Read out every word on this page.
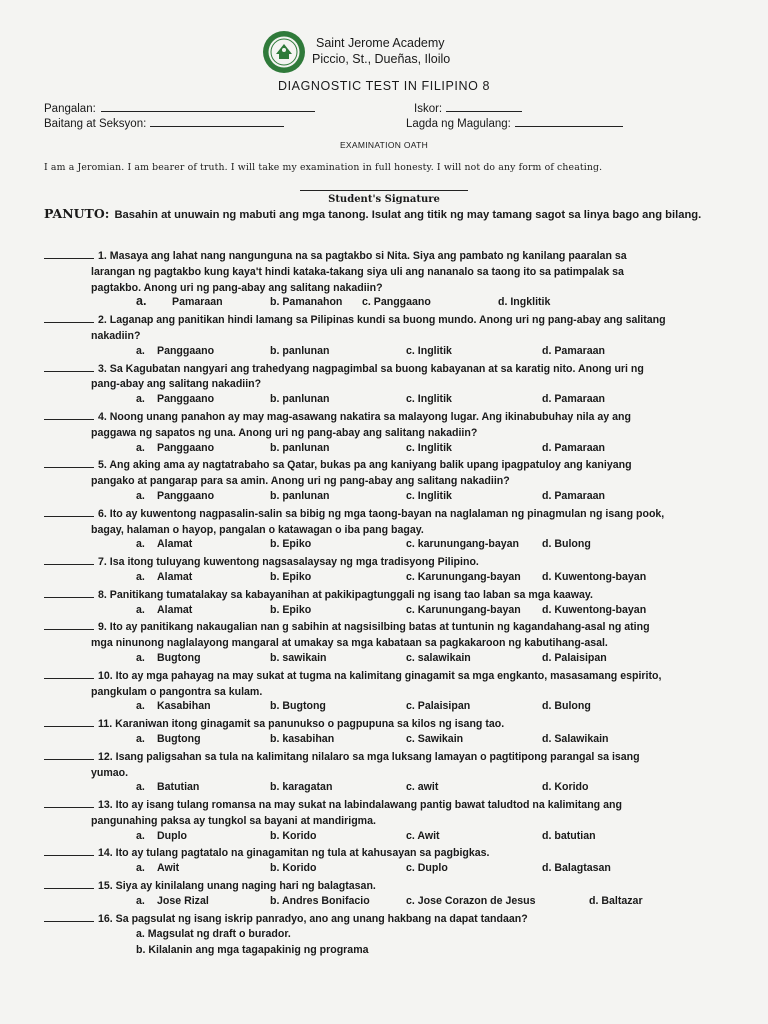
Saint Jerome Academy
Piccio, St., Dueñas, Iloilo
DIAGNOSTIC TEST IN FILIPINO 8
Pangalan:	Iskor:
Baitang at Seksyon:	Lagda ng Magulang:
EXAMINATION OATH
I am a Jeromian. I am bearer of truth. I will take my examination in full honesty. I will not do any form of cheating.
Student's Signature
PANUTO: Basahin at unuwain ng mabuti ang mga tanong. Isulat ang titik ng may tamang sagot sa linya bago ang bilang.
1. Masaya ang lahat nang nangunguna na sa pagtakbo si Nita. Siya ang pambato ng kanilang paaralan sa
larangan ng pagtakbo kung kaya't hindi kataka-takang siya uli ang nananalo sa taong ito sa patimpalak sa
pagtakbo. Anong uri ng pang-abay ang salitang nakadiin?
a. Pamaraan	b. Pamanahon c. Panggaano	d. Ingklitik
2. Laganap ang panitikan hindi lamang sa Pilipinas kundi sa buong mundo. Anong uri ng pang-abay ang salitang
nakadiin?
a. Panggaano	b. panlunan	c. Inglitik	d. Pamaraan
3. Sa Kagubatan nangyari ang trahedyang nagpagimbal sa buong kabayanan at sa karatig nito. Anong uri ng
pang-abay ang salitang nakadiin?
a. Panggaano	b. panlunan	c. Inglitik	d. Pamaraan
4. Noong unang panahon ay may mag-asawang nakatira sa malayong lugar. Ang ikinabubuhay nila ay ang
paggawa ng sapatos ng una. Anong uri ng pang-abay ang salitang nakadiin?
a. Panggaano	b. panlunan	c. Inglitik	d. Pamaraan
5. Ang aking ama ay nagtatrabaho sa Qatar, bukas pa ang kaniyang balik upang ipagpatuloy ang kaniyang
pangako at pangarap para sa amin. Anong uri ng pang-abay ang salitang nakadiin?
a. Panggaano	b. panlunan	c. Inglitik	d. Pamaraan
6. Ito ay kuwentong nagpasalin-salin sa bibig ng mga taong-bayan na naglalaman ng pinagmulan ng isang pook,
bagay, halaman o hayop, pangalan o katawagan o iba pang bagay.
a. Alamat	b. Epiko	c. karunungang-bayan d. Bulong
7. Isa itong tuluyang kuwentong nagsasalaysay ng mga tradisyong Pilipino.
a. Alamat	b. Epiko	c. Karunungang-bayan d. Kuwentong-bayan
8. Panitikang tumatalakay sa kabayanihan at pakikipagtunggali ng isang tao laban sa mga kaaway.
a. Alamat	b. Epiko	c. Karunungang-bayan d. Kuwentong-bayan
9. Ito ay panitikang nakaugalian nan g sabihin at nagsisilbing batas at tuntunin ng kagandahang-asal ng ating
mga ninunong naglalayong mangaral at umakay sa mga kabataan sa pagkakaroon ng kabutihang-asal.
a. Bugtong	b. sawikain	c. salawikain	d. Palaisipan
10. Ito ay mga pahayag na may sukat at tugma na kalimitang ginagamit sa mga engkanto, masasamang espirito,
pangkulam o pangontra sa kulam.
a. Kasabihan	b. Bugtong	c. Palaisipan	d. Bulong
11. Karaniwan itong ginagamit sa panunukso o pagpupuna sa kilos ng isang tao.
a. Bugtong	b. kasabihan	c. Sawikain	d. Salawikain
12. Isang paligsahan sa tula na kalimitang nilalaro sa mga luksang lamayan o pagtitipong parangal sa isang
yumao.
a. Batutian	b. karagatan	c. awit	d. Korido
13. Ito ay isang tulang romansa na may sukat na labindalawang pantig bawat taludtod na kalimitang ang
pangunahing paksa ay tungkol sa bayani at mandirigma.
a. Duplo	b. Korido	c. Awit	d. batutian
14. Ito ay tulang pagtatalo na ginagamitan ng tula at kahusayan sa pagbigkas.
a. Awit	b. Korido	c. Duplo	d. Balagtasan
15. Siya ay kinilalang unang naging hari ng balagtasan.
a. Jose Rizal	b. Andres Bonifacio	c. Jose Corazon de Jesus	d. Baltazar
16. Sa pagsulat ng isang iskrip panradyo, ano ang unang hakbang na dapat tandaan?
a. Magsulat ng draft o burador.
b. Kilalanin ang mga tagapakinig ng programa
